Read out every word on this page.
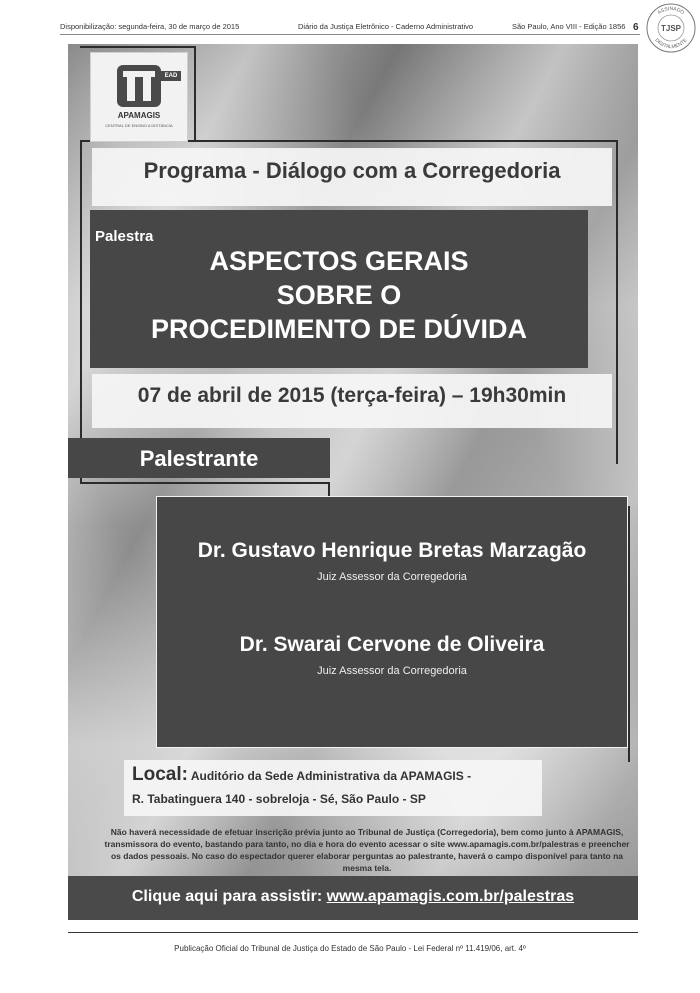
Disponibilização: segunda-feira, 30 de março de 2015	Diário da Justiça Eletrônico - Caderno Administrativo	São Paulo, Ano VIII - Edição 1856 6
ASSINADO
DIGITALMENTE
TJSP
EAD
APAMAGIS
CENTRAL DE ENSINO A DISTÂNCIA
Programa - Diálogo com a Corregedoria
Palestra
ASPECTOS GERAIS
SOBRE O
PROCEDIMENTO DE DÚVIDA
07 de abril de 2015 (terça-feira) – 19h30min
Palestrante
Dr. Gustavo Henrique Bretas Marzagão
Juiz Assessor da Corregedoria
Dr. Swarai Cervone de Oliveira
Juiz Assessor da Corregedoria
Local: Auditório da Sede Administrativa da APAMAGIS -
R. Tabatinguera 140 - sobreloja - Sé, São Paulo - SP
Não haverá necessidade de efetuar inscrição prévia junto ao Tribunal de Justiça (Corregedoria), bem como junto à APAMAGIS, transmissora do evento, bastando para tanto, no dia e hora do evento acessar o site www.apamagis.com.br/palestras e preencher os dados pessoais. No caso do espectador querer elaborar perguntas ao palestrante, haverá o campo disponível para tanto na mesma tela.
Clique aqui para assistir: www.apamagis.com.br/palestras
Publicação Oficial do Tribunal de Justiça do Estado de São Paulo - Lei Federal nº 11.419/06, art. 4º
